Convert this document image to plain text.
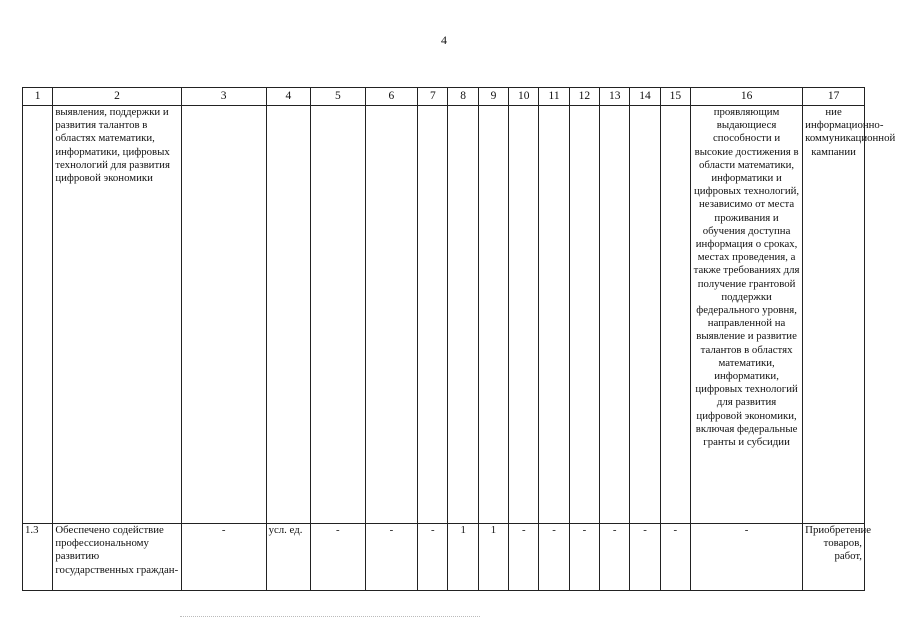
4
1	2	3	4	5	6	7	8	9	10	11	12	13	14	15	16	17
	выявления, поддержки и развития талантов в областях математики, информатики, цифровых технологий для развития цифровой экономики														проявляющим выдающиеся способности и высокие достижения в области математики, информатики и цифровых технологий, независимо от места проживания и обучения доступна информация о сроках, местах проведения, а также требованиях для получение грантовой поддержки федерального уровня, направленной на выявление и развитие талантов в областях математики, информатики, цифровых технологий для развития цифровой экономики, включая федеральные гранты и субсидии	ние информационно-коммуникационной кампании
1.3	Обеспечено содействие профессиональному развитию государственных граждан-	-	усл. ед.	-	-	-	1	1	-	-	-	-	-	-	-	Приобретение товаров, работ,
